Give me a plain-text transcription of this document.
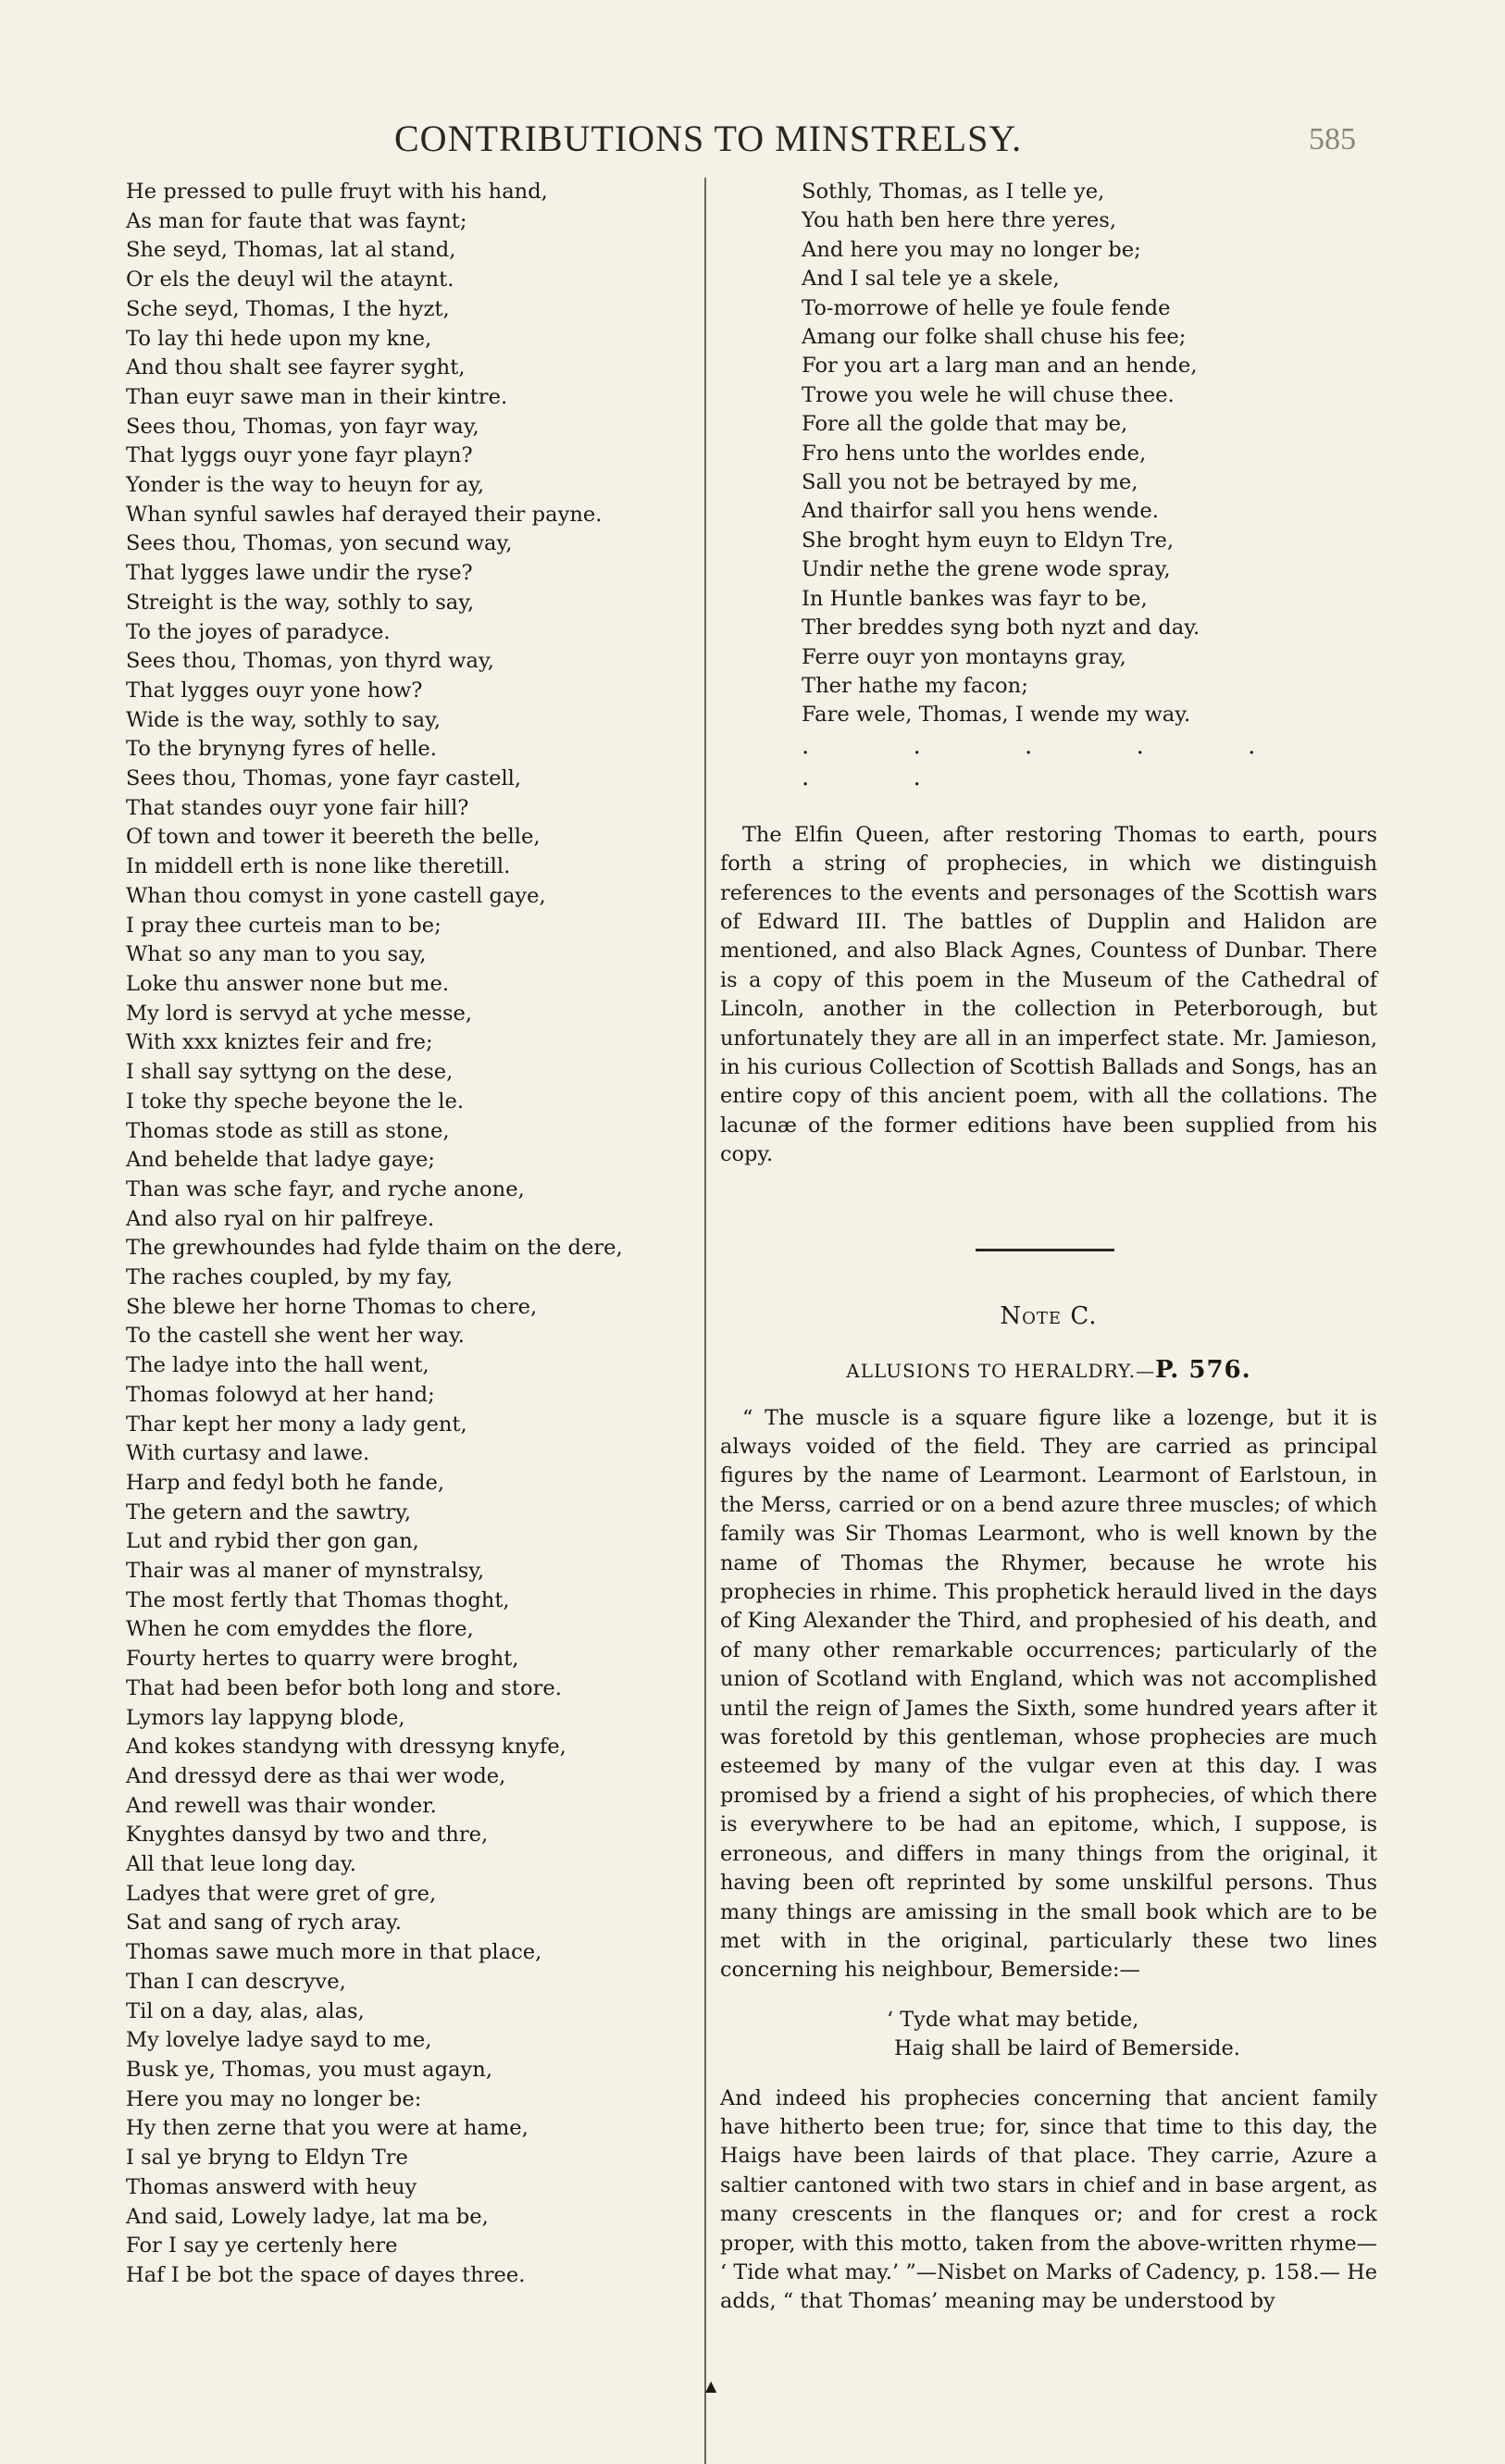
CONTRIBUTIONS TO MINSTRELSY.	585
He pressed to pulle fruyt with his hand,
As man for faute that was faynt;
She seyd, Thomas, lat al stand,
Or els the deuyl wil the ataynt.
Sche seyd, Thomas, I the hyzt,
To lay thi hede upon my kne,
And thou shalt see fayrer syght,
Than euyr sawe man in their kintre.
Sees thou, Thomas, yon fayr way,
That lyggs ouyr yone fayr playn?
Yonder is the way to heuyn for ay,
Whan synful sawles haf derayed their payne.
Sees thou, Thomas, yon secund way,
That lygges lawe undir the ryse?
Streight is the way, sothly to say,
To the joyes of paradyce.
Sees thou, Thomas, yon thyrd way,
That lygges ouyr yone how?
Wide is the way, sothly to say,
To the brynyng fyres of helle.
Sees thou, Thomas, yone fayr castell,
That standes ouyr yone fair hill?
Of town and tower it beereth the belle,
In middell erth is none like theretill.
Whan thou comyst in yone castell gaye,
I pray thee curteis man to be;
What so any man to you say,
Loke thu answer none but me.
My lord is servyd at yche messe,
With xxx kniztes feir and fre;
I shall say syttyng on the dese,
I toke thy speche beyone the le.
Thomas stode as still as stone,
And behelde that ladye gaye;
Than was sche fayr, and ryche anone,
And also ryal on hir palfreye.
The grewhoundes had fylde thaim on the dere,
The raches coupled, by my fay,
She blewe her horne Thomas to chere,
To the castell she went her way.
The ladye into the hall went,
Thomas folowyd at her hand;
Thar kept her mony a lady gent,
With curtasy and lawe.
Harp and fedyl both he fande,
The getern and the sawtry,
Lut and rybid ther gon gan,
Thair was al maner of mynstralsy,
The most fertly that Thomas thoght,
When he com emyddes the flore,
Fourty hertes to quarry were broght,
That had been befor both long and store.
Lymors lay lappyng blode,
And kokes standyng with dressyng knyfe,
And dressyd dere as thai wer wode,
And rewell was thair wonder.
Knyghtes dansyd by two and thre,
All that leue long day.
Ladyes that were gret of gre,
Sat and sang of rych aray.
Thomas sawe much more in that place,
Than I can descryve,
Til on a day, alas, alas,
My lovelye ladye sayd to me,
Busk ye, Thomas, you must agayn,
Here you may no longer be:
Hy then zerne that you were at hame,
I sal ye bryng to Eldyn Tre
Thomas answerd with heuy
And said, Lowely ladye, lat ma be,
For I say ye certenly here
Haf I be bot the space of dayes three.
Sothly, Thomas, as I telle ye,
You hath ben here thre yeres,
And here you may no longer be;
And I sal tele ye a skele,
To-morrowe of helle ye foule fende
Amang our folke shall chuse his fee;
For you art a larg man and an hende,
Trowe you wele he will chuse thee.
Fore all the golde that may be,
Fro hens unto the worldes ende,
Sall you not be betrayed by me,
And thairfor sall you hens wende.
She broght hym euyn to Eldyn Tre,
Undir nethe the grene wode spray,
In Huntle bankes was fayr to be,
Ther breddes syng both nyzt and day.
Ferre ouyr yon montayns gray,
Ther hathe my facon;
Fare wele, Thomas, I wende my way.
. . . . . . .

The Elfin Queen, after restoring Thomas to earth, pours forth a string of prophecies, in which we distinguish references to the events and personages of the Scottish wars of Edward III. The battles of Dupplin and Halidon are mentioned, and also Black Agnes, Countess of Dunbar. There is a copy of this poem in the Museum of the Cathedral of Lincoln, another in the collection in Peterborough, but unfortunately they are all in an imperfect state. Mr. Jamieson, in his curious Collection of Scottish Ballads and Songs, has an entire copy of this ancient poem, with all the collations. The lacunæ of the former editions have been supplied from his copy.

Note C.
ALLUSIONS TO HERALDRY.—P. 576.

“ The muscle is a square figure like a lozenge, but it is always voided of the field. They are carried as principal figures by the name of Learmont. Learmont of Earlstoun, in the Merss, carried or on a bend azure three muscles; of which family was Sir Thomas Learmont, who is well known by the name of Thomas the Rhymer, because he wrote his prophecies in rhime. This prophetick herauld lived in the days of King Alexander the Third, and prophesied of his death, and of many other remarkable occurrences; particularly of the union of Scotland with England, which was not accomplished until the reign of James the Sixth, some hundred years after it was foretold by this gentleman, whose prophecies are much esteemed by many of the vulgar even at this day. I was promised by a friend a sight of his prophecies, of which there is everywhere to be had an epitome, which, I suppose, is erroneous, and differs in many things from the original, it having been oft reprinted by some unskilful persons. Thus many things are amissing in the small book which are to be met with in the original, particularly these two lines concerning his neighbour, Bemerside:—

‘ Tyde what may betide,
Haig shall be laird of Bemerside.

And indeed his prophecies concerning that ancient family have hitherto been true; for, since that time to this day, the Haigs have been lairds of that place. They carrie, Azure a saltier cantoned with two stars in chief and in base argent, as many crescents in the flanques or; and for crest a rock proper, with this motto, taken from the above-written rhyme— ‘ Tide what may.’ ”—Nisbet on Marks of Cadency, p. 158.— He adds, “ that Thomas’ meaning may be understood by

▲
